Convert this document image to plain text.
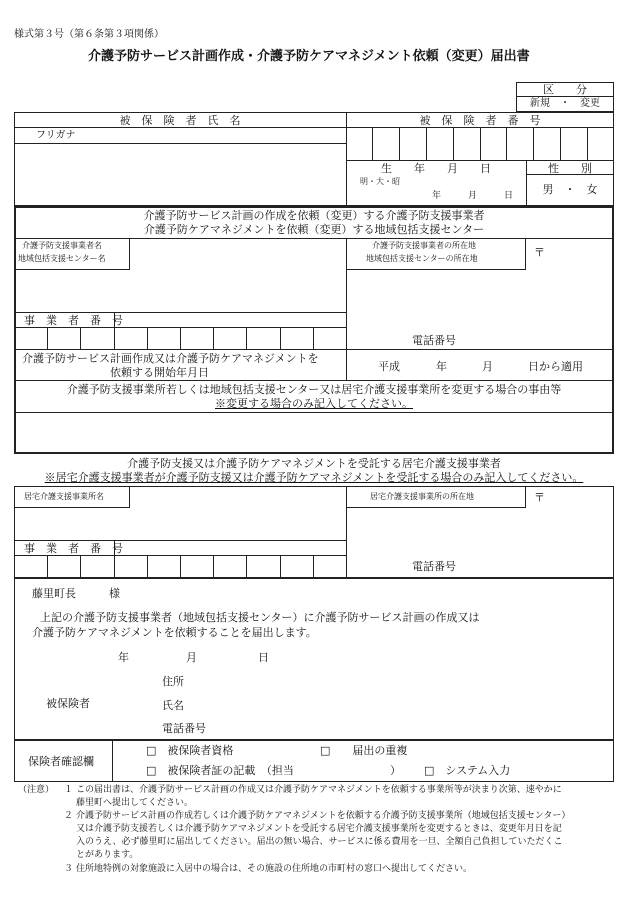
様式第３号（第６条第３項関係）
介護予防サービス計画作成・介護予防ケアマネジメント依頼（変更）届出書
区　　分
新規　・　変更
被　保　険　者　氏　名
フリガナ
被　保　険　者　番　号
生　　年　　月　　日
明・大・昭
年　　　月　　　日
性　　別
男　・　女
介護予防サービス計画の作成を依頼（変更）する介護予防支援事業者
介護予防ケアマネジメントを依頼（変更）する地域包括支援センター
介護予防支援事業者名
地域包括支援センター名
介護予防支援事業者の所在地
地域包括支援センターの所在地	〒
事　業　者　番　号
電話番号
介護予防サービス計画作成又は介護予防ケアマネジメントを
依頼する開始年月日	平成	年	月	日から適用
介護予防支援事業所若しくは地域包括支援センター又は居宅介護支援事業所を変更する場合の事由等
※変更する場合のみ記入してください。
介護予防支援又は介護予防ケアマネジメントを受託する居宅介護支援事業者
※居宅介護支援事業者が介護予防支援又は介護予防ケアマネジメントを受託する場合のみ記入してください。
居宅介護支援事業所名	居宅介護支援事業所の所在地	〒
事　業　者　番　号
電話番号
藤里町長　　　様
上記の介護予防支援事業者（地域包括支援センター）に介護予防サービス計画の作成又は
介護予防ケアマネジメントを依頼することを届出します。
年	月	日
被保険者
住所
氏名
電話番号
保険者確認欄
□　被保険者資格	□　　届出の重複
□　被保険者証の記載　（担当	） □　システム入力
（注意） １ この届出書は、介護予防サービス計画の作成又は介護予防ケアマネジメントを依頼する事業所等が決まり次第、速やかに
藤里町へ提出してください。
２ 介護予防サービス計画の作成若しくは介護予防ケアマネジメントを依頼する介護予防支援事業所（地域包括支援センター）
又は介護予防支援若しくは介護予防ケアマネジメントを受託する居宅介護支援事業所を変更するときは、変更年月日を記
入のうえ、必ず藤里町に届出してください。届出の無い場合、サービスに係る費用を一旦、全額自己負担していただくこ
とがあります。
３ 住所地特例の対象施設に入居中の場合は、その施設の住所地の市町村の窓口へ提出してください。
